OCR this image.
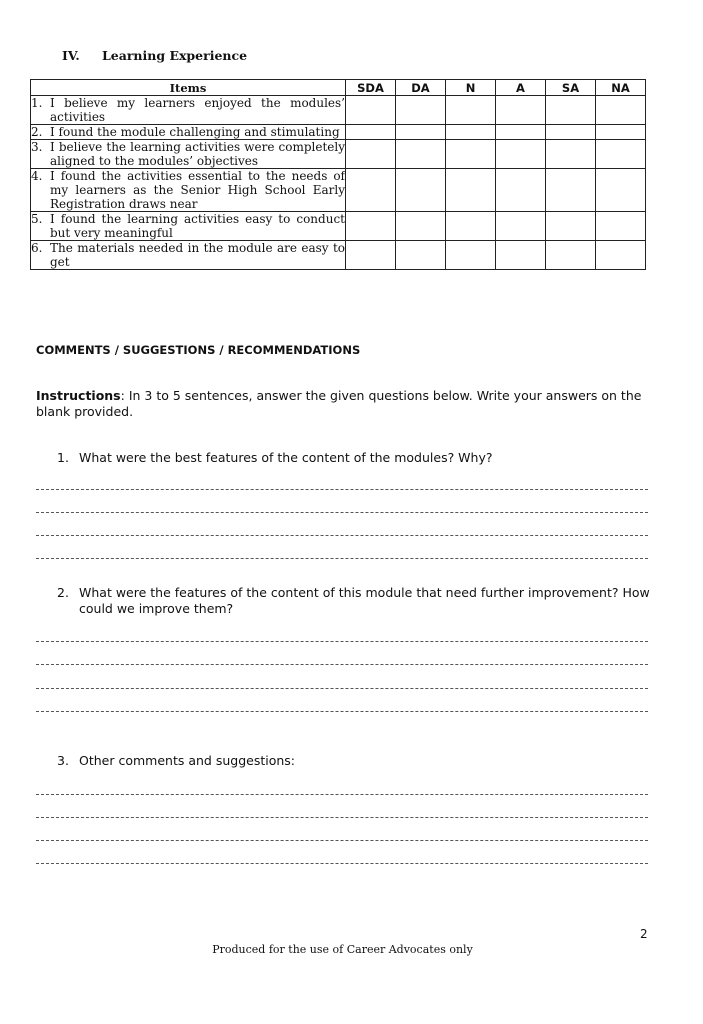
IV. Learning Experience
Items	SDA	DA	N	A	SA	NA

1. I believe my learners enjoyed the modules’ activities						

2. I found the module challenging and stimulating						

3. I believe the learning activities were completely aligned to the modules’ objectives						

4. I found the activities essential to the needs of my learners as the Senior High School Early Registration draws near						

5. I found the learning activities easy to conduct but very meaningful						

6. The materials needed in the module are easy to get						

COMMENTS / SUGGESTIONS / RECOMMENDATIONS
Instructions: In 3 to 5 sentences, answer the given questions below. Write your answers on the blank provided.
1. What were the best features of the content of the modules? Why?
2. What were the features of the content of this module that need further improvement? How could we improve them?
3. Other comments and suggestions:
2
Produced for the use of Career Advocates only
